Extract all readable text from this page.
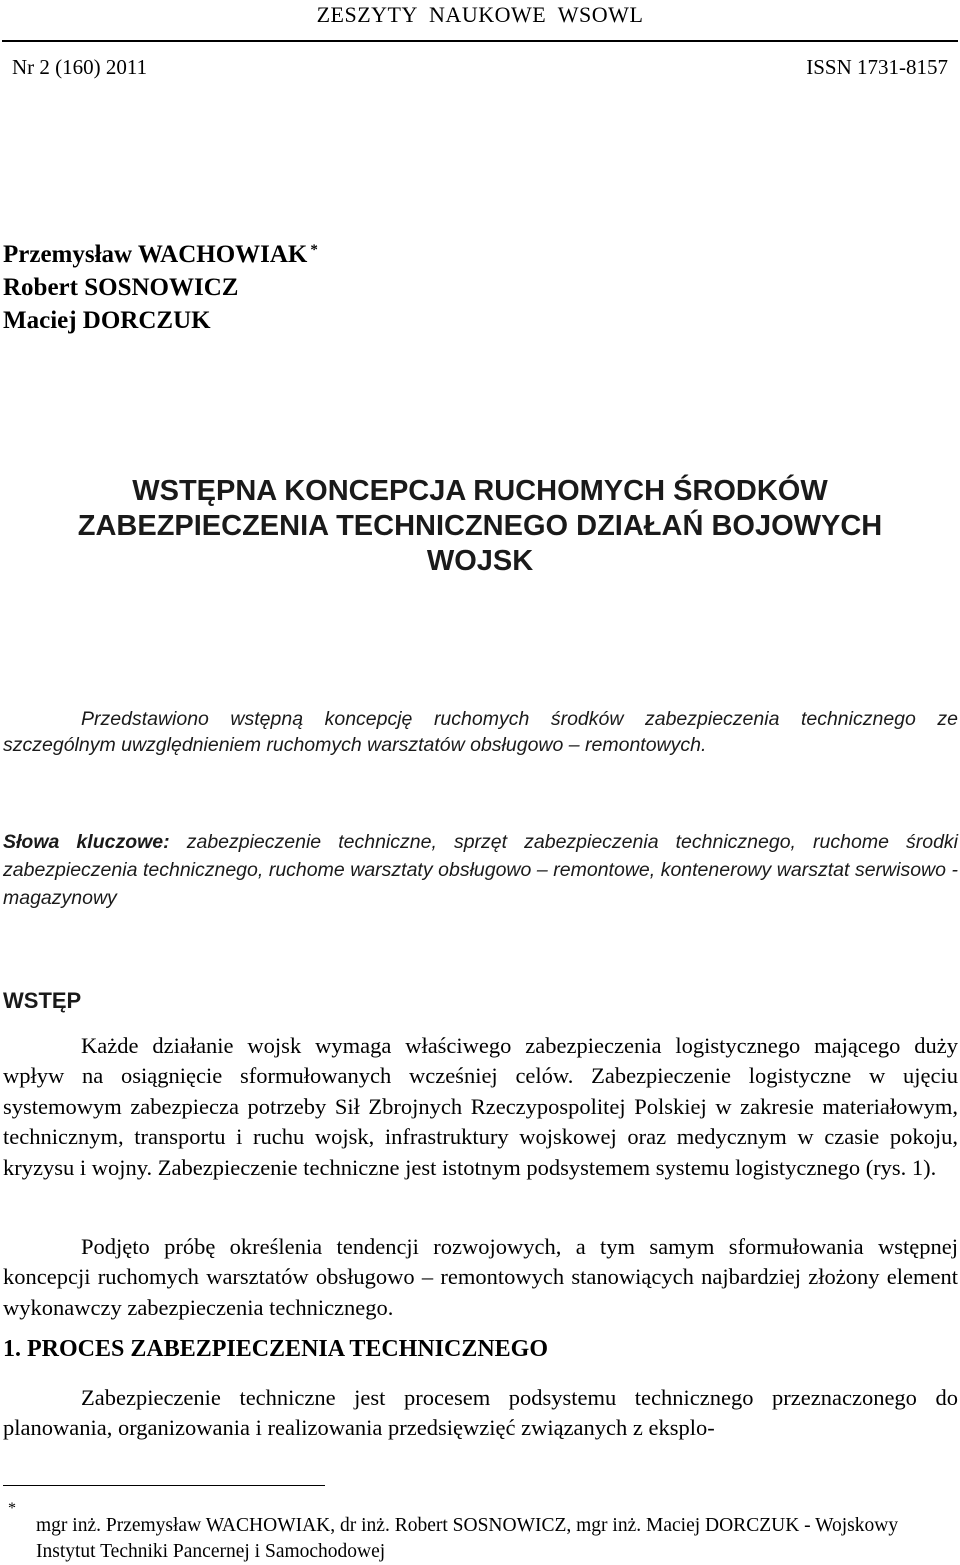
ZESZYTY NAUKOWE WSOWL
Nr 2 (160) 2011	ISSN 1731-8157
Przemysław WACHOWIAK *
Robert SOSNOWICZ
Maciej DORCZUK
WSTĘPNA KONCEPCJA RUCHOMYCH ŚRODKÓW
ZABEZPIECZENIA TECHNICZNEGO DZIAŁAŃ BOJOWYCH
WOJSK
Przedstawiono wstępną koncepcję ruchomych środków zabezpieczenia technicznego ze szczególnym uwzględnieniem ruchomych warsztatów obsługowo – remontowych.
Słowa kluczowe: zabezpieczenie techniczne, sprzęt zabezpieczenia technicznego, ruchome środki zabezpieczenia technicznego, ruchome warsztaty obsługowo – remontowe, kontenerowy warsztat serwisowo - magazynowy
WSTĘP
Każde działanie wojsk wymaga właściwego zabezpieczenia logistycznego mającego duży wpływ na osiągnięcie sformułowanych wcześniej celów. Zabezpieczenie logistyczne w ujęciu systemowym zabezpiecza potrzeby Sił Zbrojnych Rzeczypospolitej Polskiej w zakresie materiałowym, technicznym, transportu i ruchu wojsk, infrastruktury wojskowej oraz medycznym w czasie pokoju, kryzysu i wojny. Zabezpieczenie techniczne jest istotnym podsystemem systemu logistycznego (rys. 1).
Podjęto próbę określenia tendencji rozwojowych, a tym samym sformułowania wstępnej koncepcji ruchomych warsztatów obsługowo – remontowych stanowiących najbardziej złożony element wykonawczy zabezpieczenia technicznego.
1. PROCES ZABEZPIECZENIA TECHNICZNEGO
Zabezpieczenie techniczne jest procesem podsystemu technicznego przeznaczonego do planowania, organizowania i realizowania przedsięwzięć związanych z eksplo-
*
mgr inż. Przemysław WACHOWIAK, dr inż. Robert SOSNOWICZ, mgr inż. Maciej DORCZUK - Wojskowy Instytut Techniki Pancernej i Samochodowej
